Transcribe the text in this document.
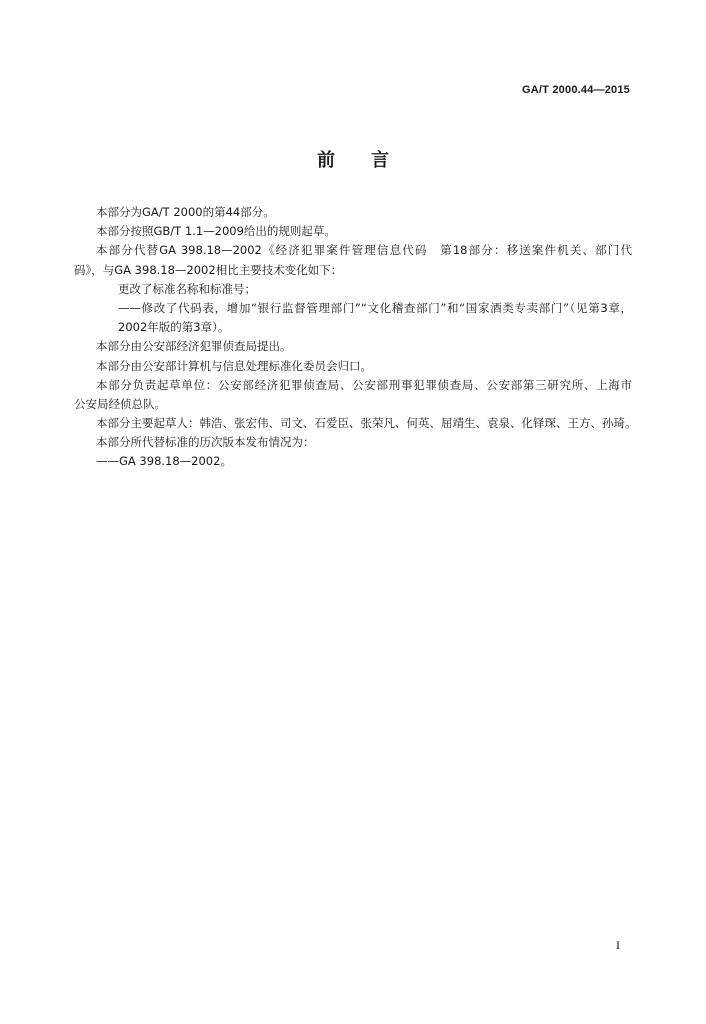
GA/T 2000.44—2015
前言
本部分为GA/T 2000的第44部分。
本部分按照GB/T 1.1—2009给出的规则起草。
本部分代替GA 398.18—2002《经济犯罪案件管理信息代码　第18部分：移送案件机关、部门代
码》，与GA 398.18—2002相比主要技术变化如下：
更改了标准名称和标准号；
——修改了代码表，增加“银行监督管理部门”“文化稽查部门”和“国家酒类专卖部门”（见第3章，
2002年版的第3章）。
本部分由公安部经济犯罪侦查局提出。
本部分由公安部计算机与信息处理标准化委员会归口。
本部分负责起草单位：公安部经济犯罪侦查局、公安部刑事犯罪侦查局、公安部第三研究所、上海市
公安局经侦总队。
本部分主要起草人：韩浩、张宏伟、司文、石爱臣、张荣凡、何英、屈靖生、袁泉、化铎琛、王方、孙琦。
本部分所代替标准的历次版本发布情况为：
——GA 398.18—2002。
I
